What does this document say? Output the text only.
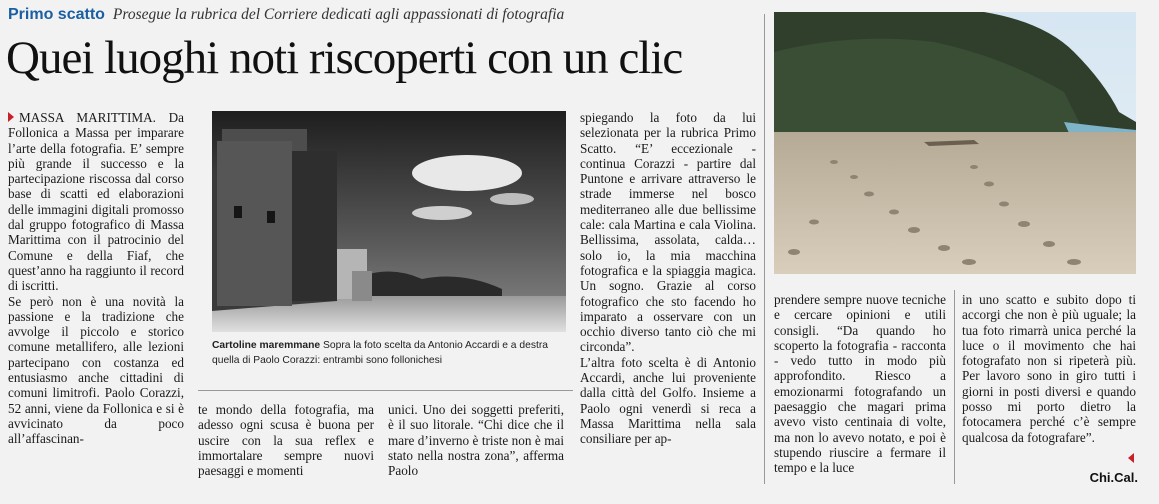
Primo scatto Prosegue la rubrica del Corriere dedicati agli appassionati di fotografia
Quei luoghi noti riscoperti con un clic

MASSA MARITTIMA. Da Follonica a Massa per imparare l’arte della fotografia. E’ sempre più grande il successo e la partecipazione riscossa dal corso base di scatti ed elaborazioni delle immagini digitali promosso dal gruppo fotografico di Massa Marittima con il patrocinio del Comune e della Fiaf, che quest’anno ha raggiunto il record di iscritti.

Se però non è una novità la passione e la tradizione che avvolge il piccolo e storico comune metallifero, alle lezioni partecipano con costanza ed entusiasmo anche cittadini di comuni limitrofi. Paolo Corazzi, 52 anni, viene da Follonica e si è avvicinato da poco all’affascinan-

Cartoline maremmane Sopra la foto scelta da Antonio Accardi e a destra quella di Paolo Corazzi: entrambi sono follonichesi

te mondo della fotografia, ma adesso ogni scusa è buona per uscire con la sua reflex e immortalare sempre nuovi paesaggi e momenti

unici. Uno dei soggetti preferiti, è il suo litorale. “Chi dice che il mare d’inverno è triste non è mai stato nella nostra zona”, afferma Paolo

spiegando la foto da lui selezionata per la rubrica Primo Scatto. “E’ eccezionale - continua Corazzi - partire dal Puntone e arrivare attraverso le strade immerse nel bosco mediterraneo alle due bellissime cale: cala Martina e cala Violina. Bellissima, assolata, calda… solo io, la mia macchina fotografica e la spiaggia magica. Un sogno. Grazie al corso fotografico che sto facendo ho imparato a osservare con un occhio diverso tanto ciò che mi circonda”.

L’altra foto scelta è di Antonio Accardi, anche lui proveniente dalla città del Golfo. Insieme a Paolo ogni venerdì si reca a Massa Marittima nella sala consiliare per ap-

prendere sempre nuove tecniche e cercare opinioni e utili consigli. “Da quando ho scoperto la fotografia - racconta - vedo tutto in modo più approfondito. Riesco a emozionarmi fotografando un paesaggio che magari prima avevo visto centinaia di volte, ma non lo avevo notato, e poi è stupendo riuscire a fermare il tempo e la luce

in uno scatto e subito dopo ti accorgi che non è più uguale; la tua foto rimarrà unica perché la luce o il movimento che hai fotografato non si ripeterà più. Per lavoro sono in giro tutti i giorni in posti diversi e quando posso mi porto dietro la fotocamera perché c’è sempre qualcosa da fotografare”.

Chi.Cal.
